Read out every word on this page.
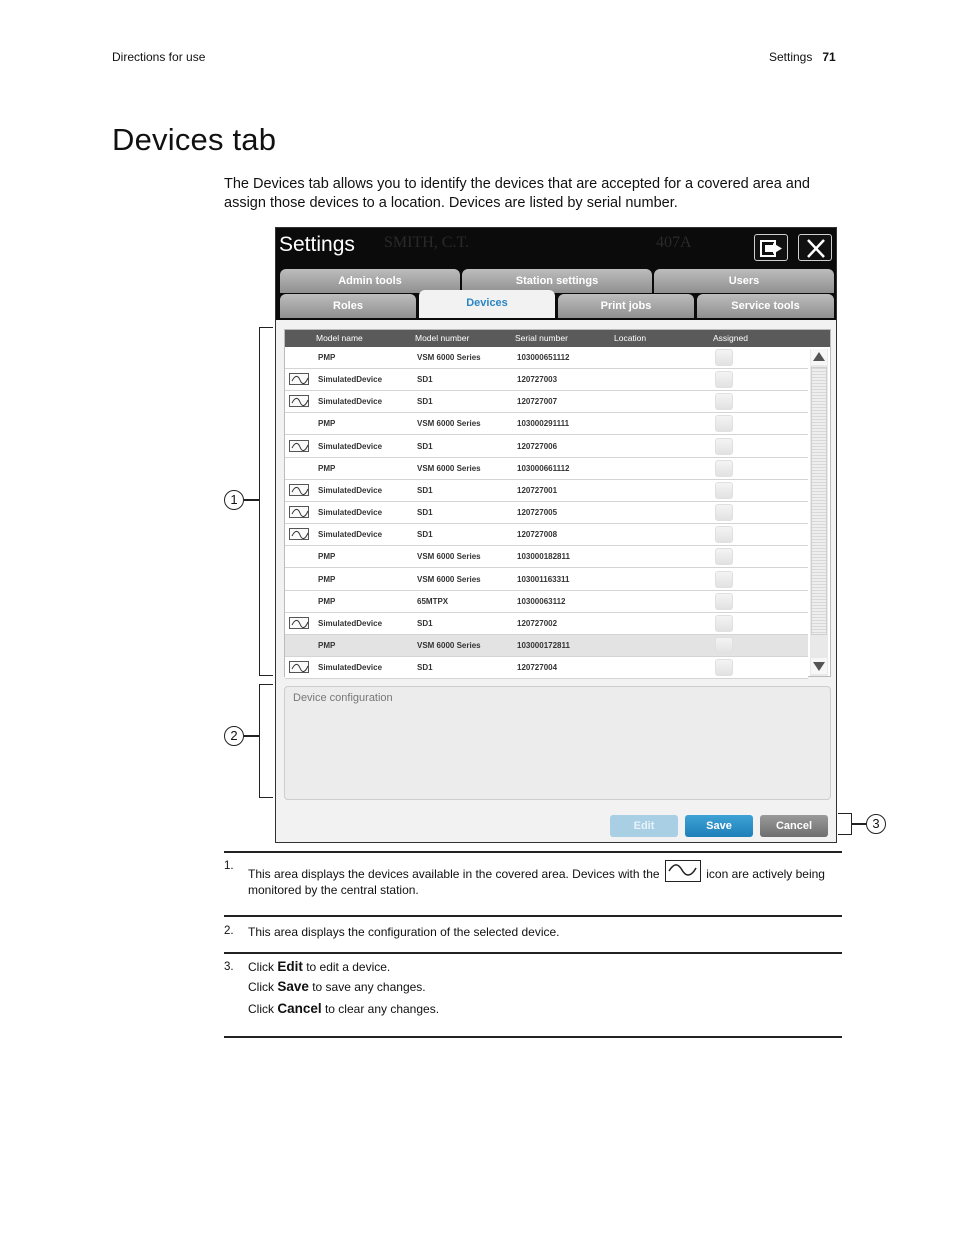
Directions for use	Settings 71
Devices tab

The Devices tab allows you to identify the devices that are accepted for a covered area and assign those devices to a location. Devices are listed by serial number.

Settings SMITH, C.T.	407A
Admin tools	Station settings	Users
Roles	Devices	Print jobs	Service tools
Model name	Model number	Serial number	Location	Assigned
PMP	VSM 6000 Series	103000651112
SimulatedDevice	SD1	120727003
SimulatedDevice	SD1	120727007
PMP	VSM 6000 Series	103000291111
SimulatedDevice	SD1	120727006
PMP	VSM 6000 Series	103000661112
SimulatedDevice	SD1	120727001
SimulatedDevice	SD1	120727005
SimulatedDevice	SD1	120727008
PMP	VSM 6000 Series	103000182811
PMP	VSM 6000 Series	103001163311
PMP	65MTPX	10300063112
SimulatedDevice	SD1	120727002
PMP	VSM 6000 Series	103000172811
SimulatedDevice	SD1	120727004
Device configuration
Edit	Save	Cancel
1
2
3
1.
This area displays the devices available in the covered area. Devices with the	icon are actively being monitored by the central station.
2. This area displays the configuration of the selected device.
3. Click Edit to edit a device.
Click Save to save any changes.
Click Cancel to clear any changes.
